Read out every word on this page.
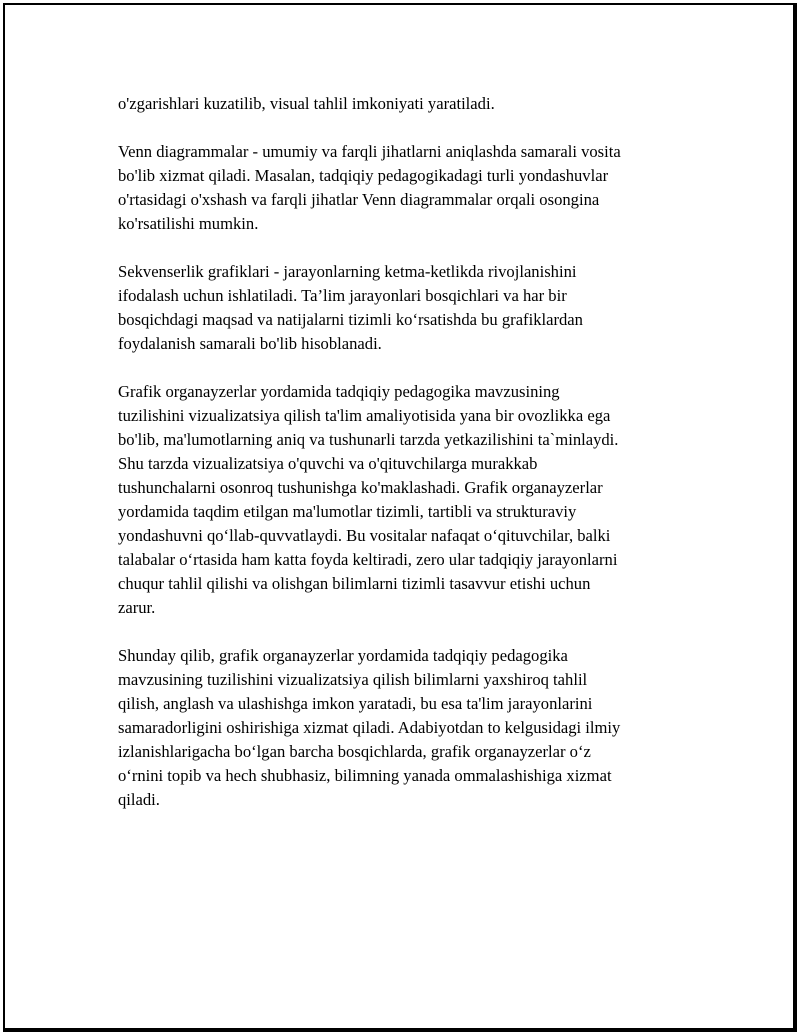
o'zgarishlari kuzatilib, visual tahlil imkoniyati yaratiladi.

Venn diagrammalar - umumiy va farqli jihatlarni aniqlashda samarali vosita
bo'lib xizmat qiladi. Masalan, tadqiqiy pedagogikadagi turli yondashuvlar
o'rtasidagi o'xshash va farqli jihatlar Venn diagrammalar orqali osongina
ko'rsatilishi mumkin.

Sekvenserlik grafiklari - jarayonlarning ketma-ketlikda rivojlanishini
ifodalash uchun ishlatiladi. Ta’lim jarayonlari bosqichlari va har bir
bosqichdagi maqsad va natijalarni tizimli ko‘rsatishda bu grafiklardan
foydalanish samarali bo'lib hisoblanadi.

Grafik organayzerlar yordamida tadqiqiy pedagogika mavzusining
tuzilishini vizualizatsiya qilish ta'lim amaliyotisida yana bir ovozlikka ega
bo'lib, ma'lumotlarning aniq va tushunarli tarzda yetkazilishini ta`minlaydi.
Shu tarzda vizualizatsiya o'quvchi va o'qituvchilarga murakkab
tushunchalarni osonroq tushunishga ko'maklashadi. Grafik organayzerlar
yordamida taqdim etilgan ma'lumotlar tizimli, tartibli va strukturaviy
yondashuvni qo‘llab-quvvatlaydi. Bu vositalar nafaqat o‘qituvchilar, balki
talabalar o‘rtasida ham katta foyda keltiradi, zero ular tadqiqiy jarayonlarni
chuqur tahlil qilishi va olishgan bilimlarni tizimli tasavvur etishi uchun
zarur.

Shunday qilib, grafik organayzerlar yordamida tadqiqiy pedagogika
mavzusining tuzilishini vizualizatsiya qilish bilimlarni yaxshiroq tahlil
qilish, anglash va ulashishga imkon yaratadi, bu esa ta'lim jarayonlarini
samaradorligini oshirishiga xizmat qiladi. Adabiyotdan to kelgusidagi ilmiy
izlanishlarigacha bo‘lgan barcha bosqichlarda, grafik organayzerlar o‘z
o‘rnini topib va hech shubhasiz, bilimning yanada ommalashishiga xizmat
qiladi.
